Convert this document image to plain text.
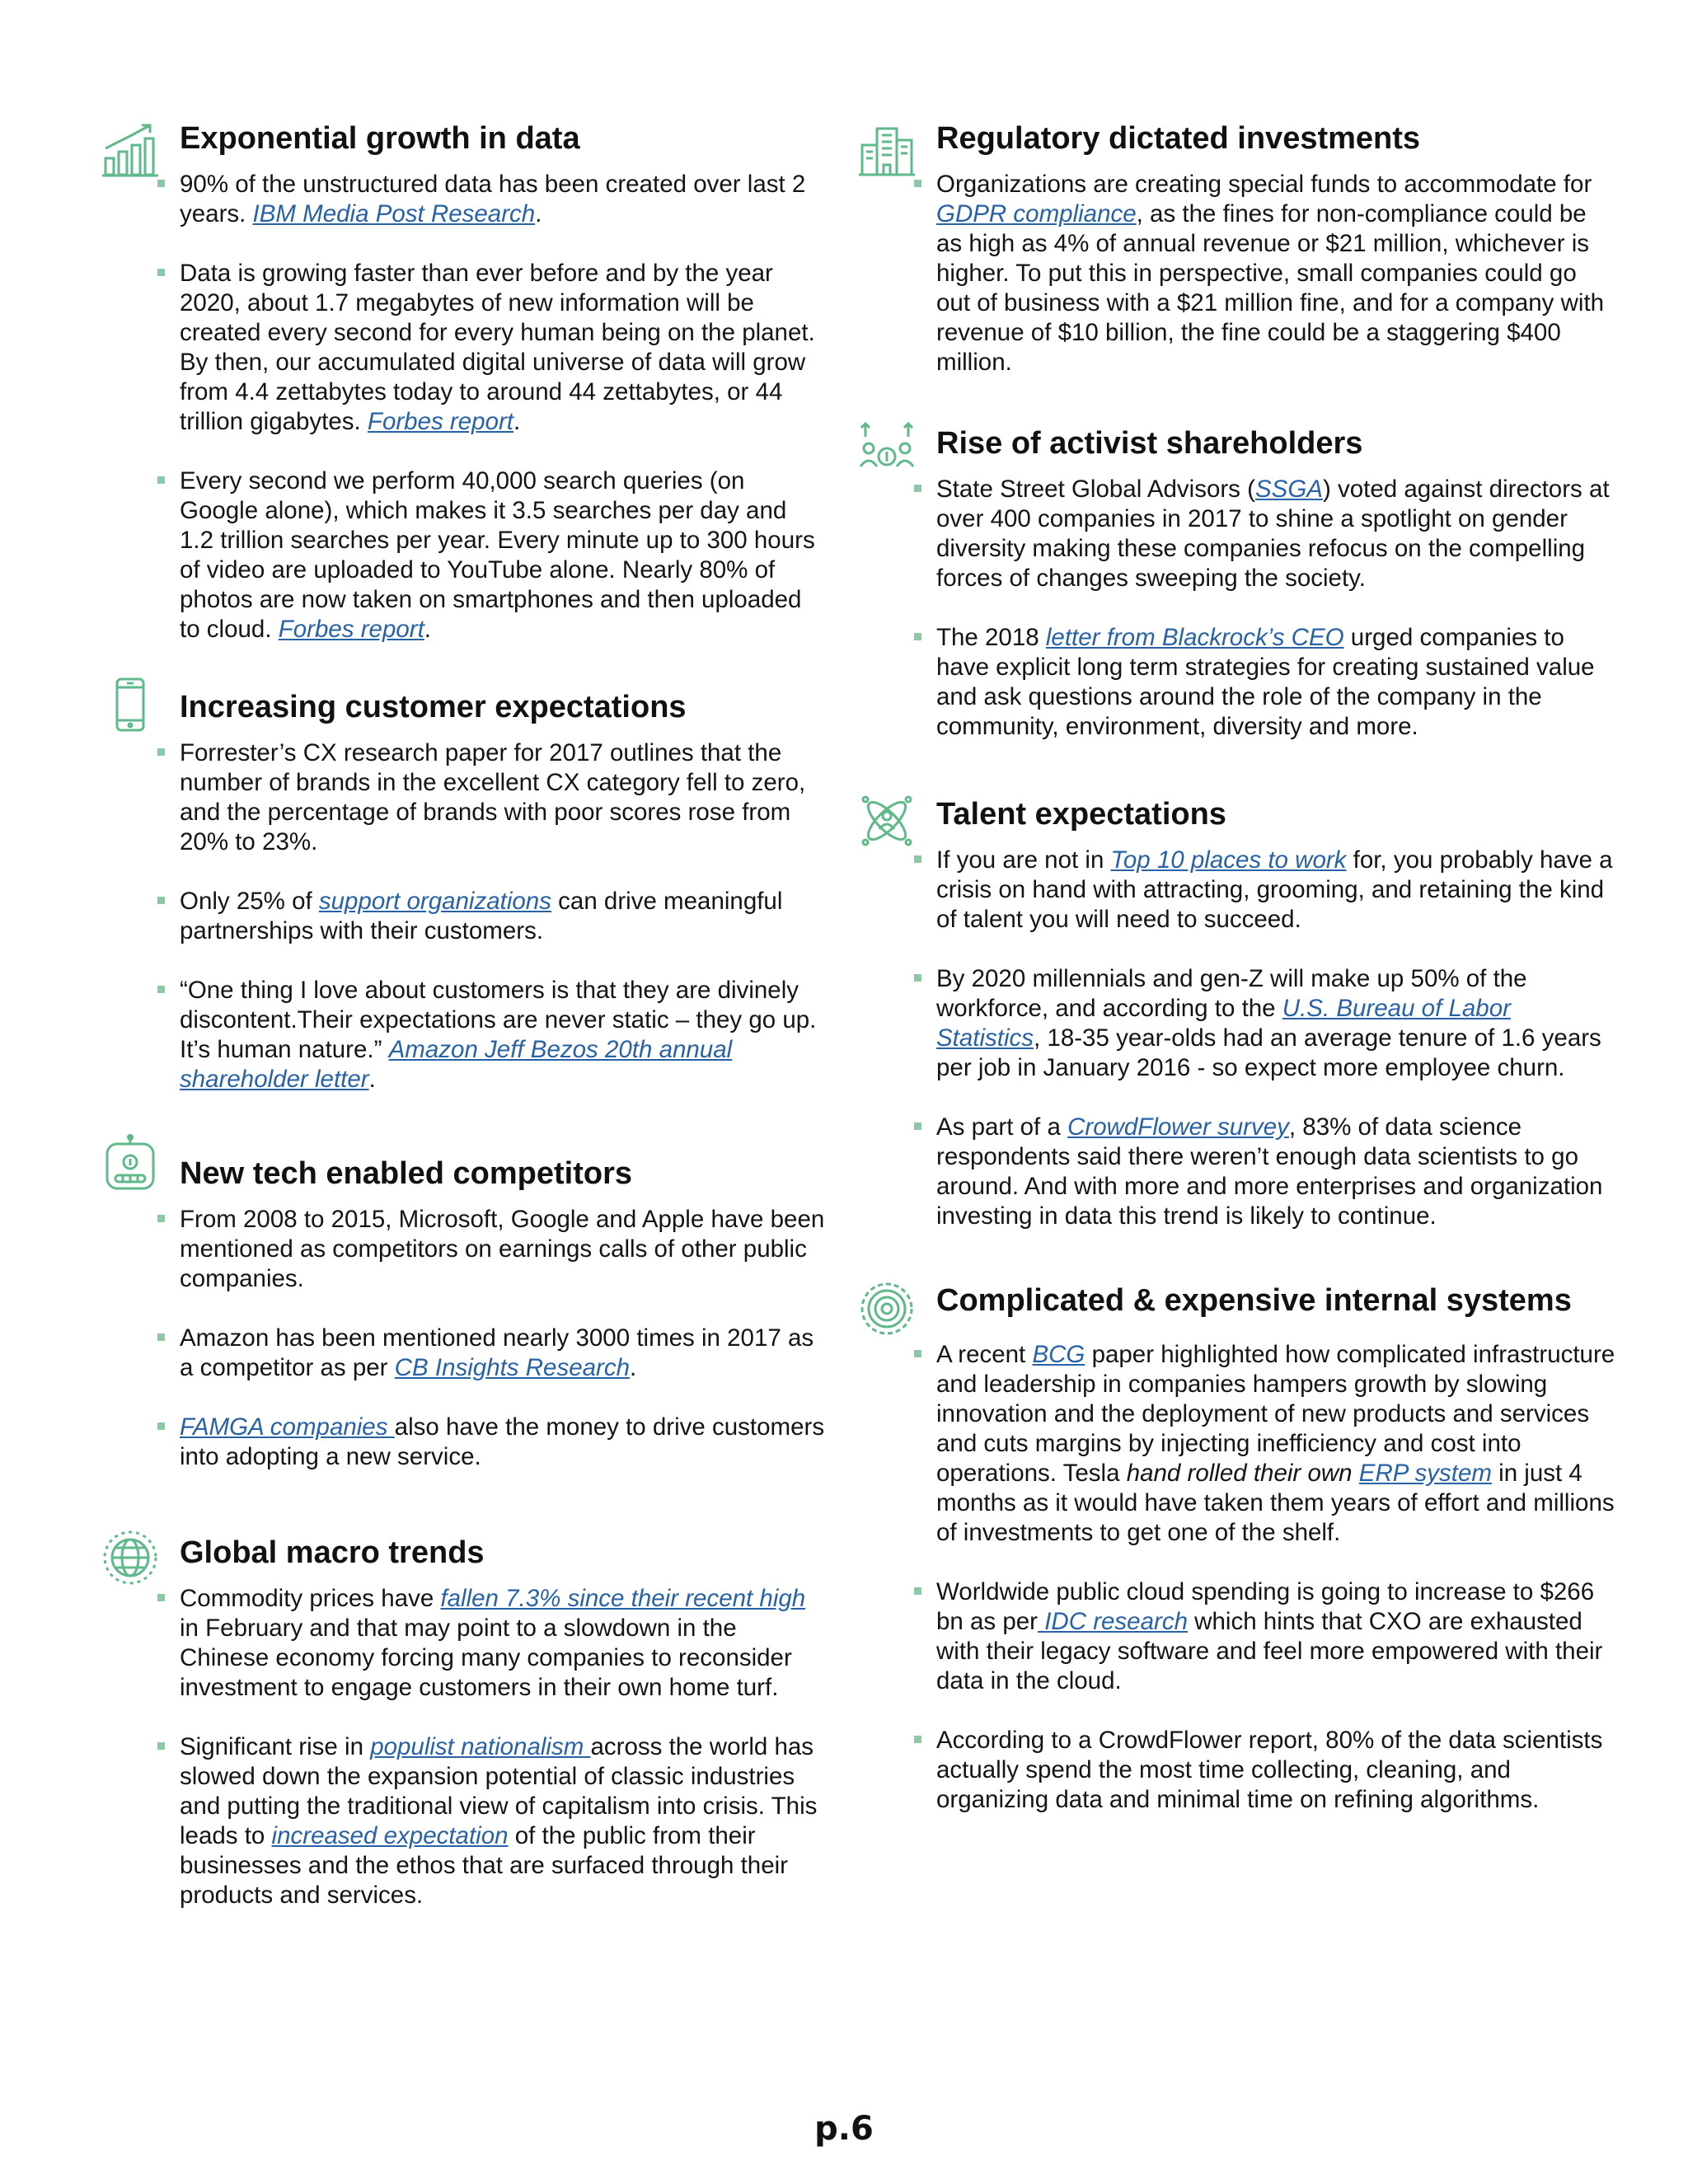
Exponential growth in data
90% of the unstructured data has been created over last 2 years. IBM Media Post Research.
Data is growing faster than ever before and by the year 2020, about 1.7 megabytes of new information will be created every second for every human being on the planet. By then, our accumulated digital universe of data will grow from 4.4 zettabytes today to around 44 zettabytes, or 44 trillion gigabytes. Forbes report.
Every second we perform 40,000 search queries (on Google alone), which makes it 3.5 searches per day and 1.2 trillion searches per year. Every minute up to 300 hours of video are uploaded to YouTube alone. Nearly 80% of photos are now taken on smartphones and then uploaded to cloud. Forbes report.
Increasing customer expectations
Forrester’s CX research paper for 2017 outlines that the number of brands in the excellent CX category fell to zero, and the percentage of brands with poor scores rose from 20% to 23%.
Only 25% of support organizations can drive meaningful partnerships with their customers.
“One thing I love about customers is that they are divinely discontent.Their expectations are never static – they go up. It’s human nature.” Amazon Jeff Bezos 20th annual shareholder letter.
New tech enabled competitors
From 2008 to 2015, Microsoft, Google and Apple have been mentioned as competitors on earnings calls of other public companies.
Amazon has been mentioned nearly 3000 times in 2017 as a competitor as per CB Insights Research.
FAMGA companies also have the money to drive customers into adopting a new service.
Global macro trends
Commodity prices have fallen 7.3% since their recent high in February and that may point to a slowdown in the Chinese economy forcing many companies to reconsider investment to engage customers in their own home turf.
Significant rise in populist nationalism across the world has slowed down the expansion potential of classic industries and putting the traditional view of capitalism into crisis. This leads to increased expectation of the public from their businesses and the ethos that are surfaced through their products and services.
Regulatory dictated investments
Organizations are creating special funds to accommodate for GDPR compliance, as the fines for non-compliance could be as high as 4% of annual revenue or $21 million, whichever is higher. To put this in perspective, small companies could go out of business with a $21 million fine, and for a company with revenue of $10 billion, the fine could be a staggering $400 million.
Rise of activist shareholders
State Street Global Advisors (SSGA) voted against directors at over 400 companies in 2017 to shine a spotlight on gender diversity making these companies refocus on the compelling forces of changes sweeping the society.
The 2018 letter from Blackrock’s CEO urged companies to have explicit long term strategies for creating sustained value and ask questions around the role of the company in the community, environment, diversity and more.
Talent expectations
If you are not in Top 10 places to work for, you probably have a crisis on hand with attracting, grooming, and retaining the kind of talent you will need to succeed.
By 2020 millennials and gen-Z will make up 50% of the workforce, and according to the U.S. Bureau of Labor Statistics, 18-35 year-olds had an average tenure of 1.6 years per job in January 2016 - so expect more employee churn.
As part of a CrowdFlower survey, 83% of data science respondents said there weren’t enough data scientists to go around. And with more and more enterprises and organization investing in data this trend is likely to continue.
Complicated & expensive internal systems
A recent BCG paper highlighted how complicated infrastructure and leadership in companies hampers growth by slowing innovation and the deployment of new products and services and cuts margins by injecting inefficiency and cost into operations. Tesla hand rolled their own ERP system in just 4 months as it would have taken them years of effort and millions of investments to get one of the shelf.
Worldwide public cloud spending is going to increase to $266 bn as per IDC research which hints that CXO are exhausted with their legacy software and feel more empowered with their data in the cloud.
According to a CrowdFlower report, 80% of the data scientists actually spend the most time collecting, cleaning, and organizing data and minimal time on refining algorithms.
p.6
